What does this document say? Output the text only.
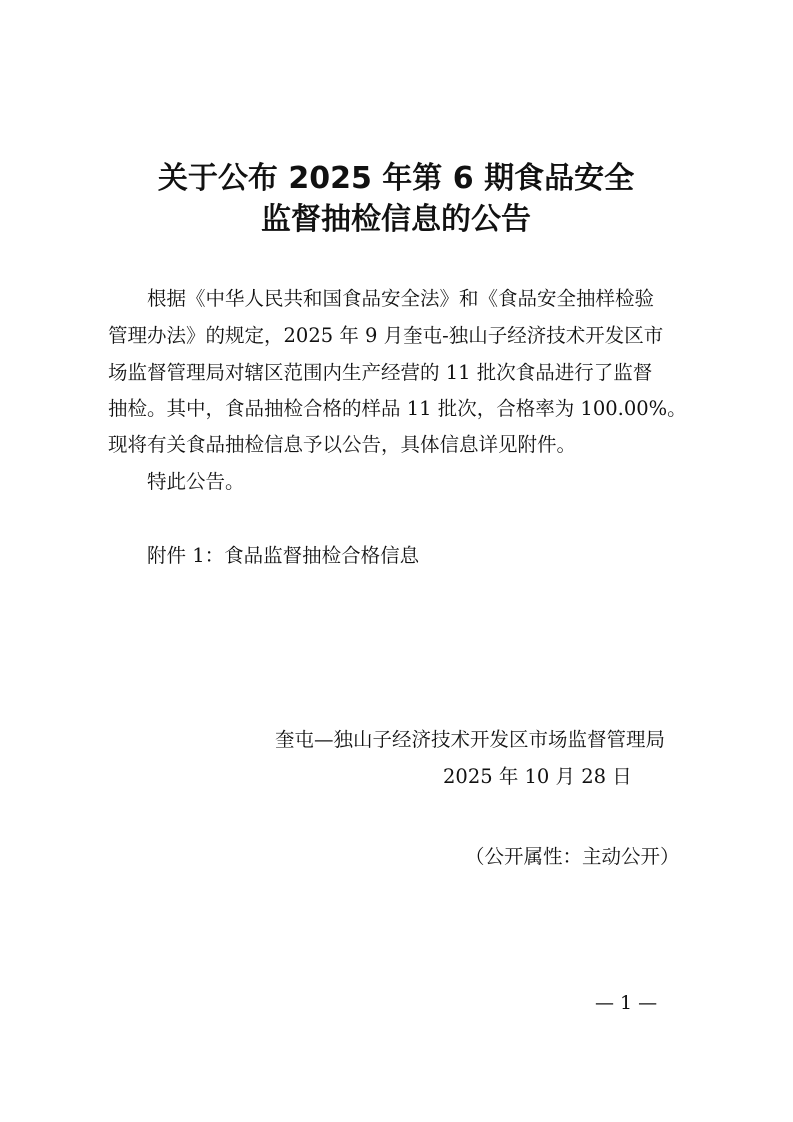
关于公布 2025 年第 6 期食品安全
监督抽检信息的公告
根据《中华人民共和国食品安全法》和《食品安全抽样检验
管理办法》的规定，2025 年 9 月奎屯-独山子经济技术开发区市
场监督管理局对辖区范围内生产经营的 11 批次食品进行了监督
抽检。其中，食品抽检合格的样品 11 批次，合格率为 100.00%。
现将有关食品抽检信息予以公告，具体信息详见附件。
特此公告。
附件 1：食品监督抽检合格信息
奎屯—独山子经济技术开发区市场监督管理局
2025 年 10 月 28 日
（公开属性：主动公开）
— 1 —
